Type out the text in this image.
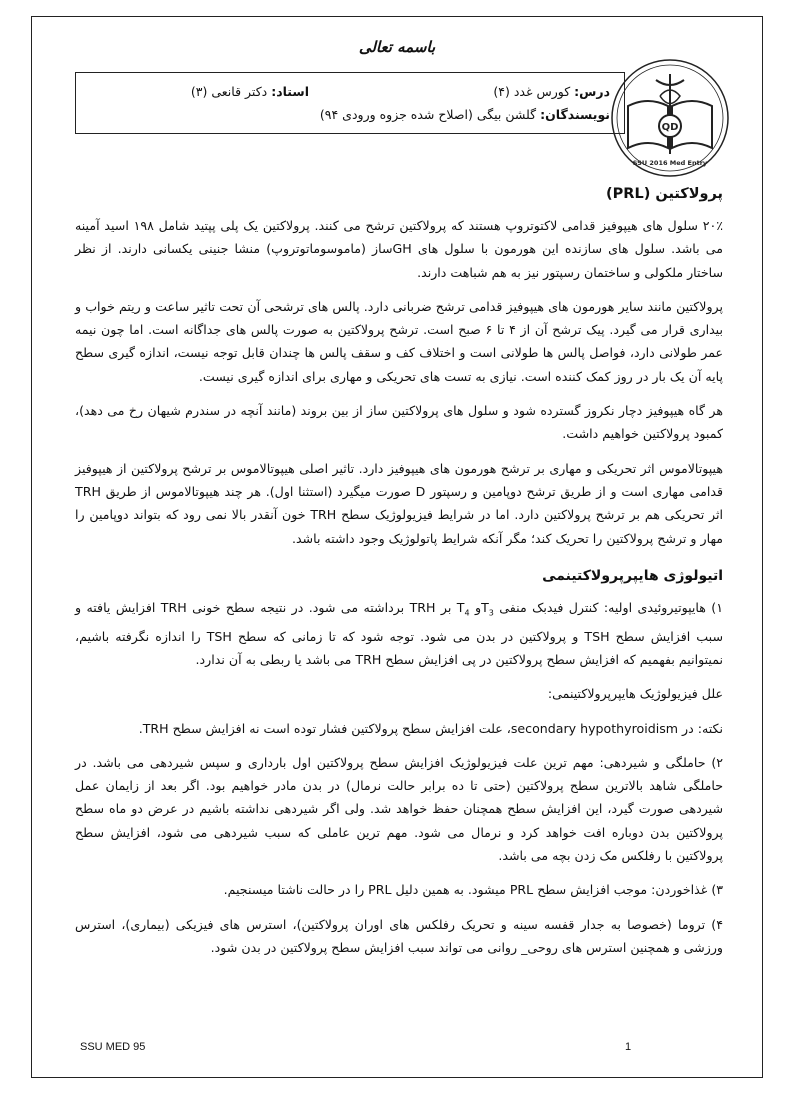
باسمه تعالی
QD
SSU 2016 Med Entry
درس: کورس غدد (۴)
استاد: دکتر قانعی (۳)
نویسندگان: گلشن بیگی (اصلاح شده جزوه ورودی ۹۴)
پرولاکتین (PRL)

۲۰٪ سلول های هیپوفیز قدامی لاکتوتروپ هستند که پرولاکتین ترشح می کنند. پرولاکتین یک پلی پپتید شامل ۱۹۸ اسید آمینه می باشد. سلول های سازنده این هورمون با سلول های GHساز (ماموسوماتوتروپ) منشا جنینی یکسانی دارند. از نظر ساختار ملکولی و ساختمان رسپتور نیز به هم شباهت دارند.

پرولاکتین مانند سایر هورمون های هیپوفیز قدامی ترشح ضربانی دارد. پالس های ترشحی آن تحت تاثیر ساعت و ریتم خواب و بیداری قرار می گیرد. پیک ترشح آن از ۴ تا ۶ صبح است. ترشح پرولاکتین به صورت پالس های جداگانه است. اما چون نیمه عمر طولانی دارد، فواصل پالس ها طولانی است و اختلاف کف و سقف پالس ها چندان قابل توجه نیست، اندازه گیری سطح پایه آن یک بار در روز کمک کننده است. نیازی به تست های تحریکی و مهاری برای اندازه گیری نیست.

هر گاه هیپوفیز دچار نکروز گسترده شود و سلول های پرولاکتین ساز از بین بروند (مانند آنچه در سندرم شیهان رخ می دهد)، کمبود پرولاکتین خواهیم داشت.

هیپوتالاموس اثر تحریکی و مهاری بر ترشح هورمون های هیپوفیز دارد. تاثیر اصلی هیپوتالاموس بر ترشح پرولاکتین از هیپوفیز قدامی مهاری است و از طریق ترشح دوپامین و رسپتور D صورت میگیرد (استثنا اول). هر چند هیپوتالاموس از طریق TRH اثر تحریکی هم بر ترشح پرولاکتین دارد. اما در شرایط فیزیولوژیک سطح TRH خون آنقدر بالا نمی رود که بتواند دوپامین را مهار و ترشح پرولاکتین را تحریک کند؛ مگر آنکه شرایط پاتولوژیک وجود داشته باشد.

اتیولوژی هایپرپرولاکتینمی

۱) هایپوتیروئیدی اولیه: کنترل فیدبک منفی $T_3و$ $T_4$ بر TRH برداشته می شود. در نتیجه سطح خونی TRH افزایش یافته و سبب افزایش سطح TSH و پرولاکتین در بدن می شود. توجه شود که تا زمانی که سطح TSH را اندازه نگرفته باشیم، نمیتوانیم بفهمیم که افزایش سطح پرولاکتین در پی افزایش سطح TRH می باشد یا ربطی به آن ندارد.

علل فیزیولوژیک هایپرپرولاکتینمی:

نکته: در secondary hypothyroidism، علت افزایش سطح پرولاکتین فشار توده است نه افزایش سطح TRH.

۲) حاملگی و شیردهی: مهم ترین علت فیزیولوژیک افزایش سطح پرولاکتین اول بارداری و سپس شیردهی می باشد. در حاملگی شاهد بالاترین سطح پرولاکتین (حتی تا ده برابر حالت نرمال) در بدن مادر خواهیم بود. اگر بعد از زایمان عمل شیردهی صورت گیرد، این افزایش سطح همچنان حفظ خواهد شد. ولی اگر شیردهی نداشته باشیم در عرض دو ماه سطح پرولاکتین بدن دوباره افت خواهد کرد و نرمال می شود. مهم ترین عاملی که سبب شیردهی می شود، افزایش سطح پرولاکتین با رفلکس مک زدن بچه می باشد.

۳) غذاخوردن: موجب افزایش سطح PRL میشود. به همین دلیل PRL را در حالت ناشتا میسنجیم.

۴) تروما (خصوصا به جدار قفسه سینه و تحریک رفلکس های اوران پرولاکتین)، استرس های فیزیکی (بیماری)، استرس ورزشی و همچنین استرس های روحی_ روانی می تواند سبب افزایش سطح پرولاکتین در بدن شود.

SSU MED 95	1
